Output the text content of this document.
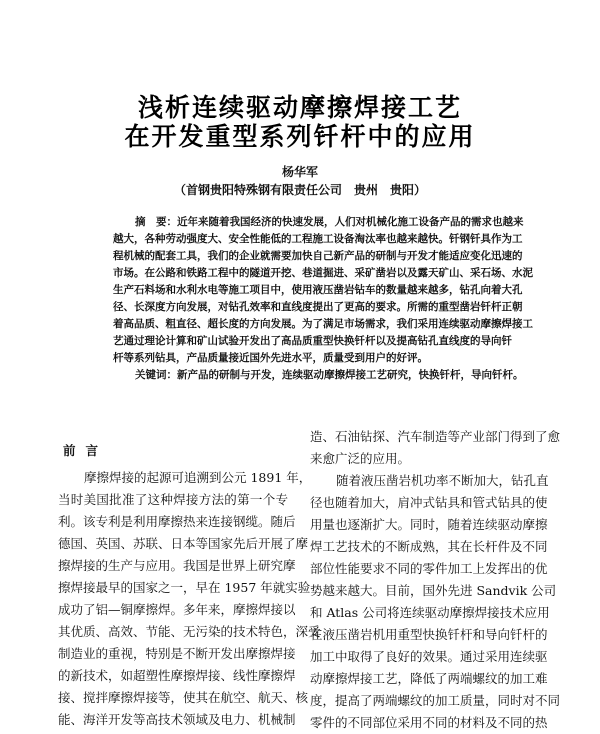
浅析连续驱动摩擦焊接工艺
在开发重型系列钎杆中的应用
杨华军
（首钢贵阳特殊钢有限责任公司　贵州　贵阳）
摘　要：近年来随着我国经济的快速发展，人们对机械化施工设备产品的需求也越来
越大，各种劳动强度大、安全性能低的工程施工设备淘汰率也越来越快。钎钢钎具作为工
程机械的配套工具，我们的企业就需要加快自己新产品的研制与开发才能适应变化迅速的
市场。在公路和铁路工程中的隧道开挖、巷道掘进、采矿凿岩以及露天矿山、采石场、水泥
生产石料场和水利水电等施工项目中，使用液压凿岩钻车的数量越来越多，钻孔向着大孔
径、长深度方向发展，对钻孔效率和直线度提出了更高的要求。所需的重型凿岩钎杆正朝
着高品质、粗直径、超长度的方向发展。为了满足市场需求，我们采用连续驱动摩擦焊接工
艺通过理论计算和矿山试验开发出了高品质重型快换钎杆以及提高钻孔直线度的导向钎
杆等系列钻具，产品质量接近国外先进水平，质量受到用户的好评。
关键词：新产品的研制与开发，连续驱动摩擦焊接工艺研究，快换钎杆，导向钎杆。
前言
摩擦焊接的起源可追溯到公元 1891 年，
当时美国批准了这种焊接方法的第一个专
利。该专利是利用摩擦热来连接钢缆。随后
德国、英国、苏联、日本等国家先后开展了摩
擦焊接的生产与应用。我国是世界上研究摩
擦焊接最早的国家之一，早在 1957 年就实验
成功了铝—铜摩擦焊。多年来，摩擦焊接以
其优质、高效、节能、无污染的技术特色，深受
制造业的重视，特别是不断开发出摩擦焊接
的新技术，如超塑性摩擦焊接、线性摩擦焊
接、搅拌摩擦焊接等，使其在航空、航天、核
能、海洋开发等高技术领域及电力、机械制
造、石油钻探、汽车制造等产业部门得到了愈
来愈广泛的应用。
随着液压凿岩机功率不断加大，钻孔直
径也随着加大，肩冲式钻具和管式钻具的使
用量也逐渐扩大。同时，随着连续驱动摩擦
焊工艺技术的不断成熟，其在长杆件及不同
部位性能要求不同的零件加工上发挥出的优
势越来越大。目前，国外先进 Sandvik 公司
和 Atlas 公司将连续驱动摩擦焊接技术应用
在液压凿岩机用重型快换钎杆和导向钎杆的
加工中取得了良好的效果。通过采用连续驱
动摩擦焊接工艺，降低了两端螺纹的加工难
度，提高了两端螺纹的加工质量，同时对不同
零件的不同部位采用不同的材料及不同的热
